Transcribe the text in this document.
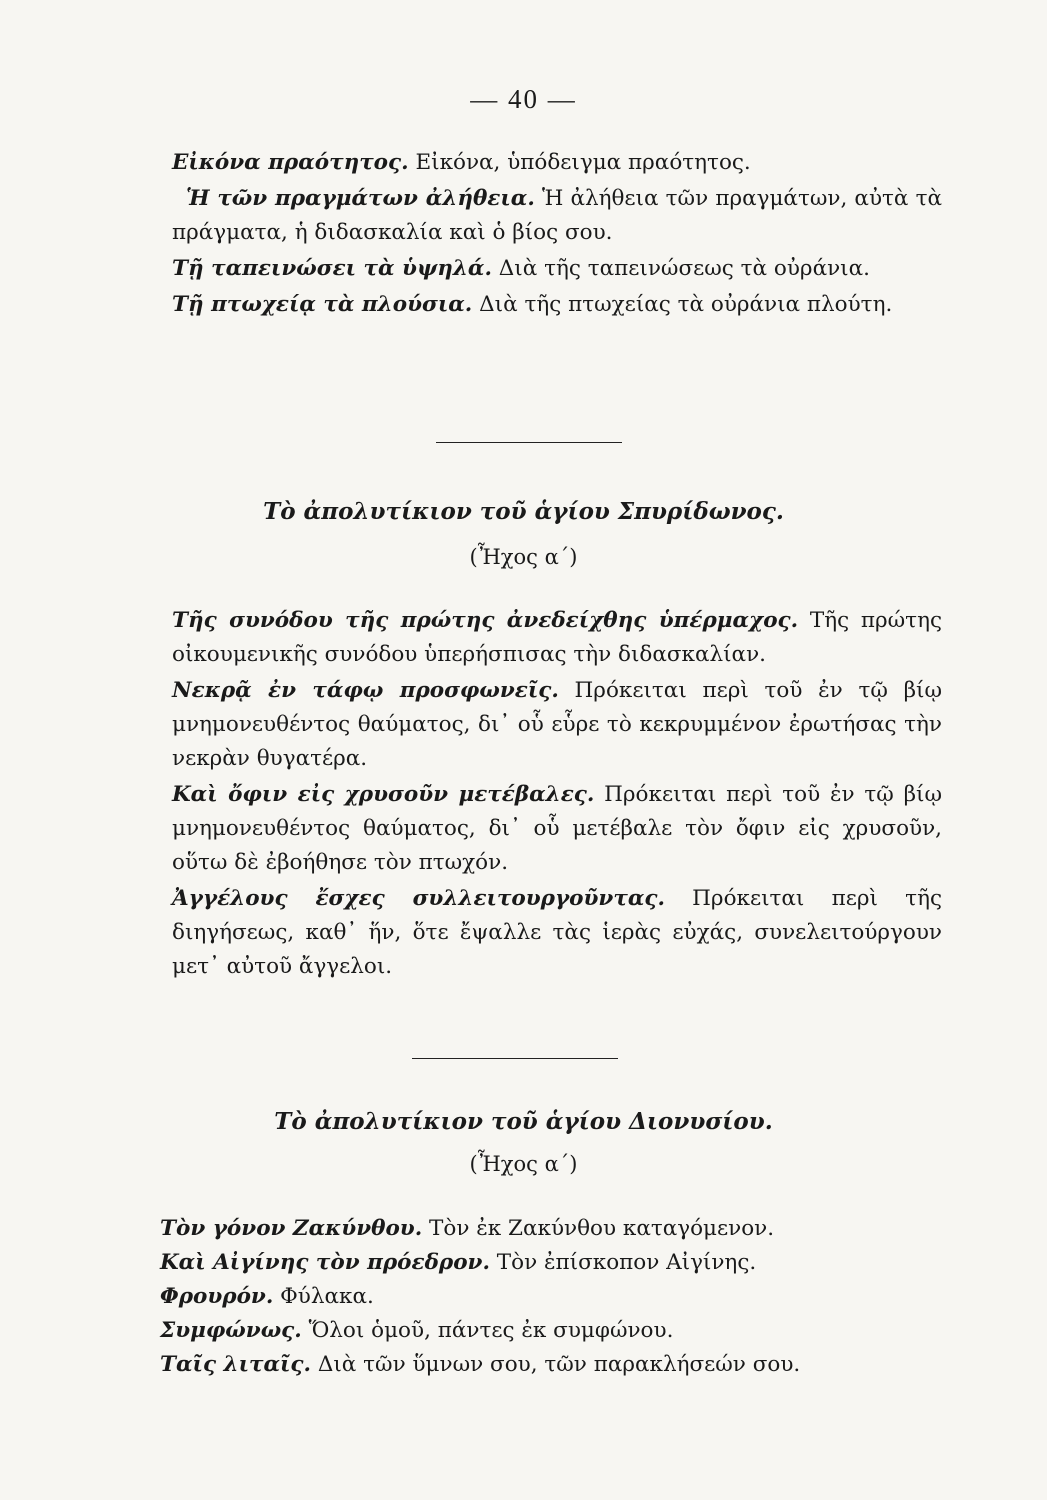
— 40 —

Εἰκόνα πραότητος. Εἰκόνα, ὑπόδειγμα πραότητος.

Ἡ τῶν πραγμάτων ἀλήθεια. Ἡ ἀλήθεια τῶν πραγμάτων, αὐτὰ τὰ πράγματα, ἡ διδασκαλία καὶ ὁ βίος σου.

Τῇ ταπεινώσει τὰ ὑψηλά. Διὰ τῆς ταπεινώσεως τὰ οὐράνια.

Τῇ πτωχείᾳ τὰ πλούσια. Διὰ τῆς πτωχείας τὰ οὐράνια πλούτη.

Τὸ ἀπολυτίκιον τοῦ ἁγίου Σπυρίδωνος.
(Ἦχος α΄)

Τῆς συνόδου τῆς πρώτης ἀνεδείχθης ὑπέρμαχος. Τῆς πρώτης οἰκουμενικῆς συνόδου ὑπερήσπισας τὴν διδασκαλίαν.

Νεκρᾷ ἐν τάφῳ προσφωνεῖς. Πρόκειται περὶ τοῦ ἐν τῷ βίῳ μνημονευθέντος θαύματος, δι᾽ οὗ εὗρε τὸ κεκρυμμένον ἐρωτήσας τὴν νεκρὰν θυγατέρα.

Καὶ ὄφιν εἰς χρυσοῦν μετέβαλες. Πρόκειται περὶ τοῦ ἐν τῷ βίῳ μνημονευθέντος θαύματος, δι᾽ οὗ μετέβαλε τὸν ὄφιν εἰς χρυσοῦν, οὕτω δὲ ἐβοήθησε τὸν πτωχόν.

Ἀγγέλους ἔσχες συλλειτουργοῦντας. Πρόκειται περὶ τῆς διηγήσεως, καθ᾽ ἥν, ὅτε ἔψαλλε τὰς ἱερὰς εὐχάς, συνελειτούργουν μετ᾽ αὐτοῦ ἄγγελοι.

Τὸ ἀπολυτίκιον τοῦ ἁγίου Διονυσίου.
(Ἦχος α΄)

Τὸν γόνον Ζακύνθου. Τὸν ἐκ Ζακύνθου καταγόμενον.

Καὶ Αἰγίνης τὸν πρόεδρον. Τὸν ἐπίσκοπον Αἰγίνης.

Φρουρόν. Φύλακα.

Συμφώνως. Ὅλοι ὁμοῦ, πάντες ἐκ συμφώνου.

Ταῖς λιταῖς. Διὰ τῶν ὕμνων σου, τῶν παρακλήσεών σου.
